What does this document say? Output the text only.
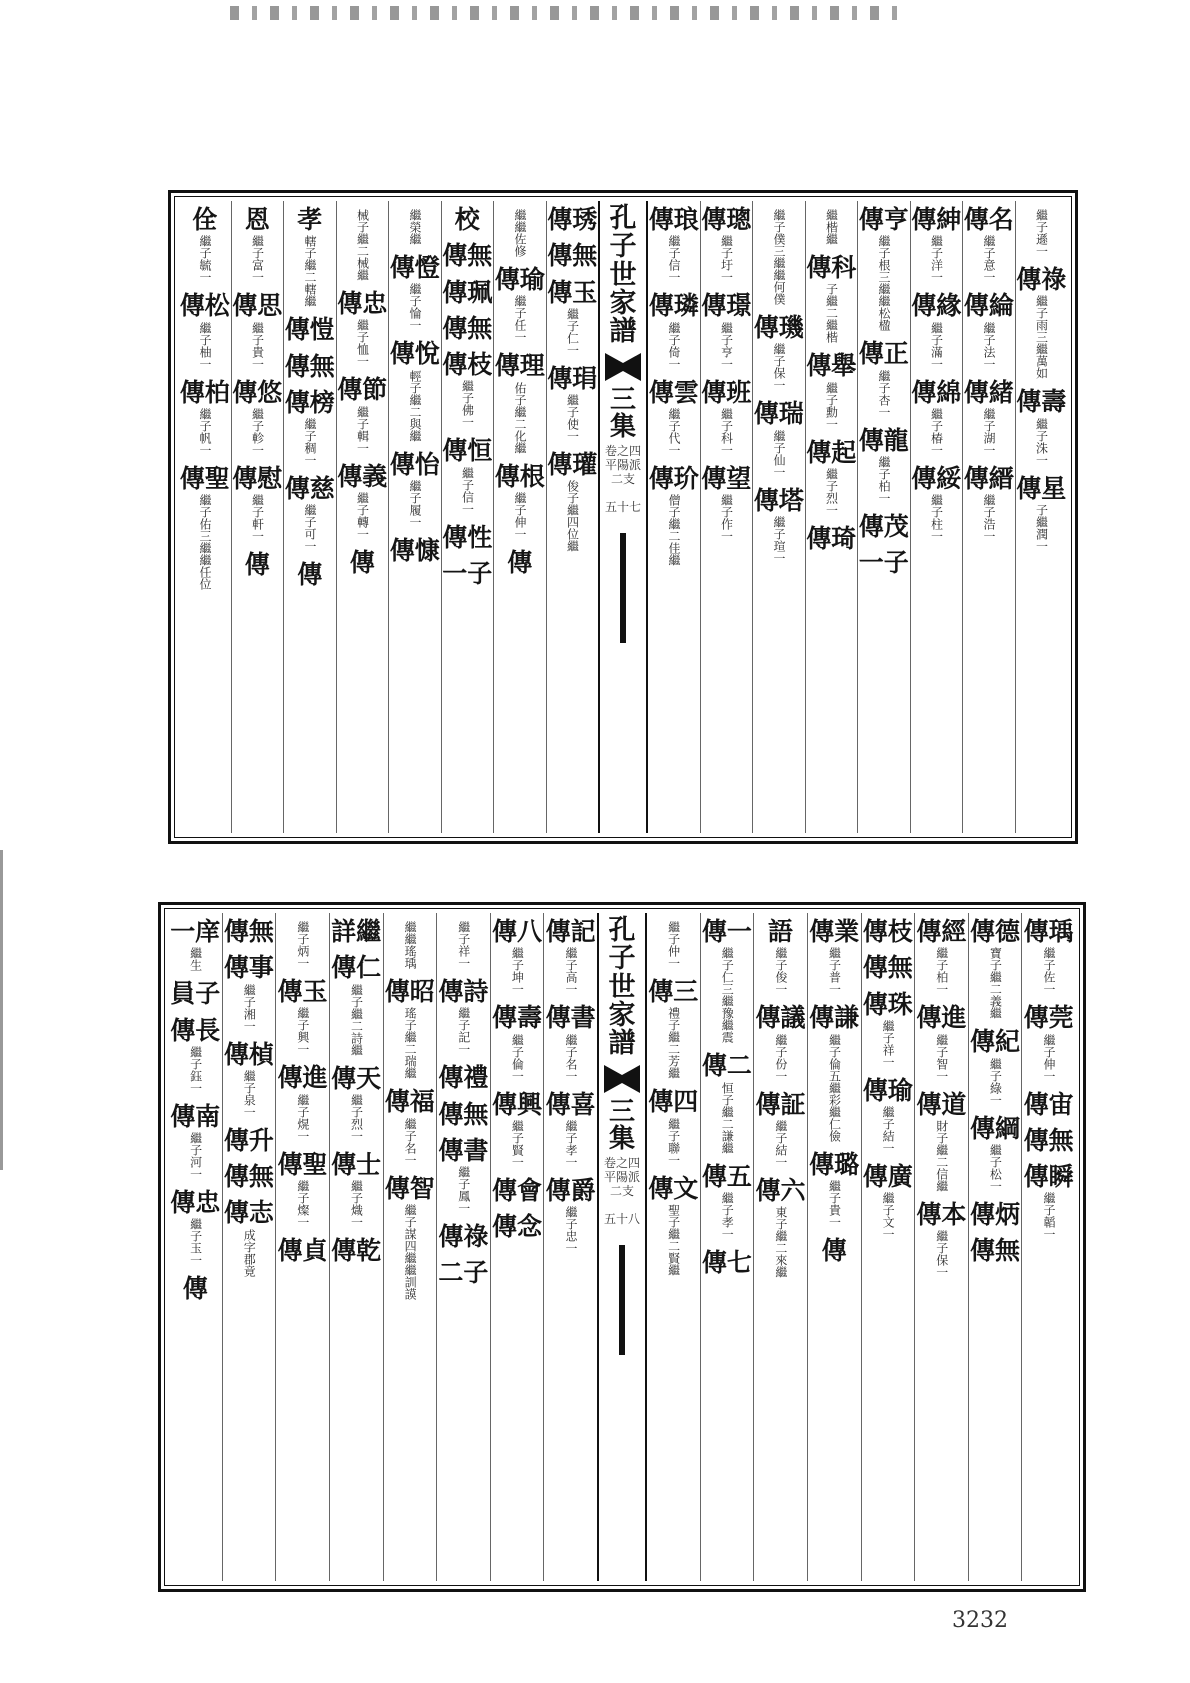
繼子遜一
傳祿
繼子雨三繼萬如
傳壽
繼子洙一
傳星
子繼潤一
傳名
繼子意一
傳綸
繼子法一
傳緒
繼子湖一
傳縉
繼子浩一
傳紳
繼子洋一
傳緣
繼子滿一
傳綿
繼子椿一
傳綏
繼子柱一
傳亨
繼子根三繼繼松楹
傳正
繼子杏一
傳龍
繼子柏一
傳茂
一子
繼楷繼
傳科
子繼二繼楷
傳舉
繼子勳一
傳起
繼子烈一
傳琦
繼子僕三繼繼何僕
傳璣
繼子保一
傳瑞
繼子仙一
傳塔
繼子瑄一
傳璁
繼子圩一
傳璟
繼子亨一
傳班
繼子科一
傳望
繼子作一
傳琅
繼子信一
傳璘
繼子倚一
傳雲
繼子代一
傳玠
僧子繼二佳繼
孔子世家譜
三集
卷之四 平陽派 二支
五十七
傳琇
傳無
傳玉
繼子仁一
傳琄
繼子使一
傳瓘
俊子繼四位繼
繼繼佐修
傳瑜
繼子任一
傳理
佑子繼二化繼
傳根
繼子伸一
傳
校
傳無
傳珮
傳無
傳枝
繼子佛一
傳恒
繼子信一
傳性
一子
繼榮繼
傳憕
繼子惀一
傳悅
輕子繼二與繼
傳怡
繼子履一
傳慷
械子繼二械繼
傳忠
繼子恤一
傳節
繼子輯一
傳義
繼子轉一
傳
孝
轄子繼二轄繼
傳愷
傳無
傳榜
繼子稠一
傳慈
繼子可一
傳
恩
繼子富一
傳思
繼子貴一
傳悠
繼子軫一
傳慰
繼子軒一
傳
佺
繼子毓一
傳松
繼子柚一
傳柏
繼子帆一
傳聖
繼子佑三繼繼任位
傳瑀
繼子佐一
傳莞
繼子伸一
傳宙
傳無
傳瞬
繼子韜一
傳德
寶子繼二義繼
傳紀
繼子綠一
傳綱
繼子松一
傳炳
傳無
傳經
繼子柏一
傳進
繼子智一
傳道
財子繼二信繼
傳本
繼子保一
傳枝
傳無
傳珠
繼子祥一
傳瑜
繼子結一
傳廣
繼子文一
傳業
繼子普一
傳謙
繼子倫五繼彩繼仁儉
傳璐
繼子貴一
傳
語
繼子俊一
傳議
繼子份一
傳証
繼子結一
傳六
東子繼二來繼
傳一
繼子仁三繼豫繼震
傳二
恒子繼二謙繼
傳五
繼子孝一
傳七
繼子仲一
傳三
禮子繼二芳繼
傳四
繼子聯一
傳文
聖子繼二賢繼
孔子世家譜
三集
卷之四 平陽派 二支
五十八
傳記
繼子高一
傳書
繼子名一
傳喜
繼子孝一
傳爵
繼子忠一
傳八
繼子坤一
傳壽
繼子倫一
傳興
繼子賢一
傳會
傳念
繼子祥一
傳詩
繼子記一
傳禮
傳無
傳書
繼子鳳一
傳祿
二子
繼繼瑤瑀
傳昭
瑤子繼二瑞繼
傳福
繼子名一
傳智
繼子謀四繼繼訓謨
詳繼
傳仁
繼子繼二詩繼
傳天
繼子烈一
傳士
繼子熾一
傳乾
繼子炳一
傳玉
繼子興一
傳進
繼子熀一
傳聖
繼子燦一
傳貞
傳無
傳事
繼子湘一
傳楨
繼子泉一
傳升
傳無
傳志
成字郡竟
一庠
繼生
員子
傳長
繼子鈺一
傳南
繼子河一
傳忠
繼子玉一
傳
3232
